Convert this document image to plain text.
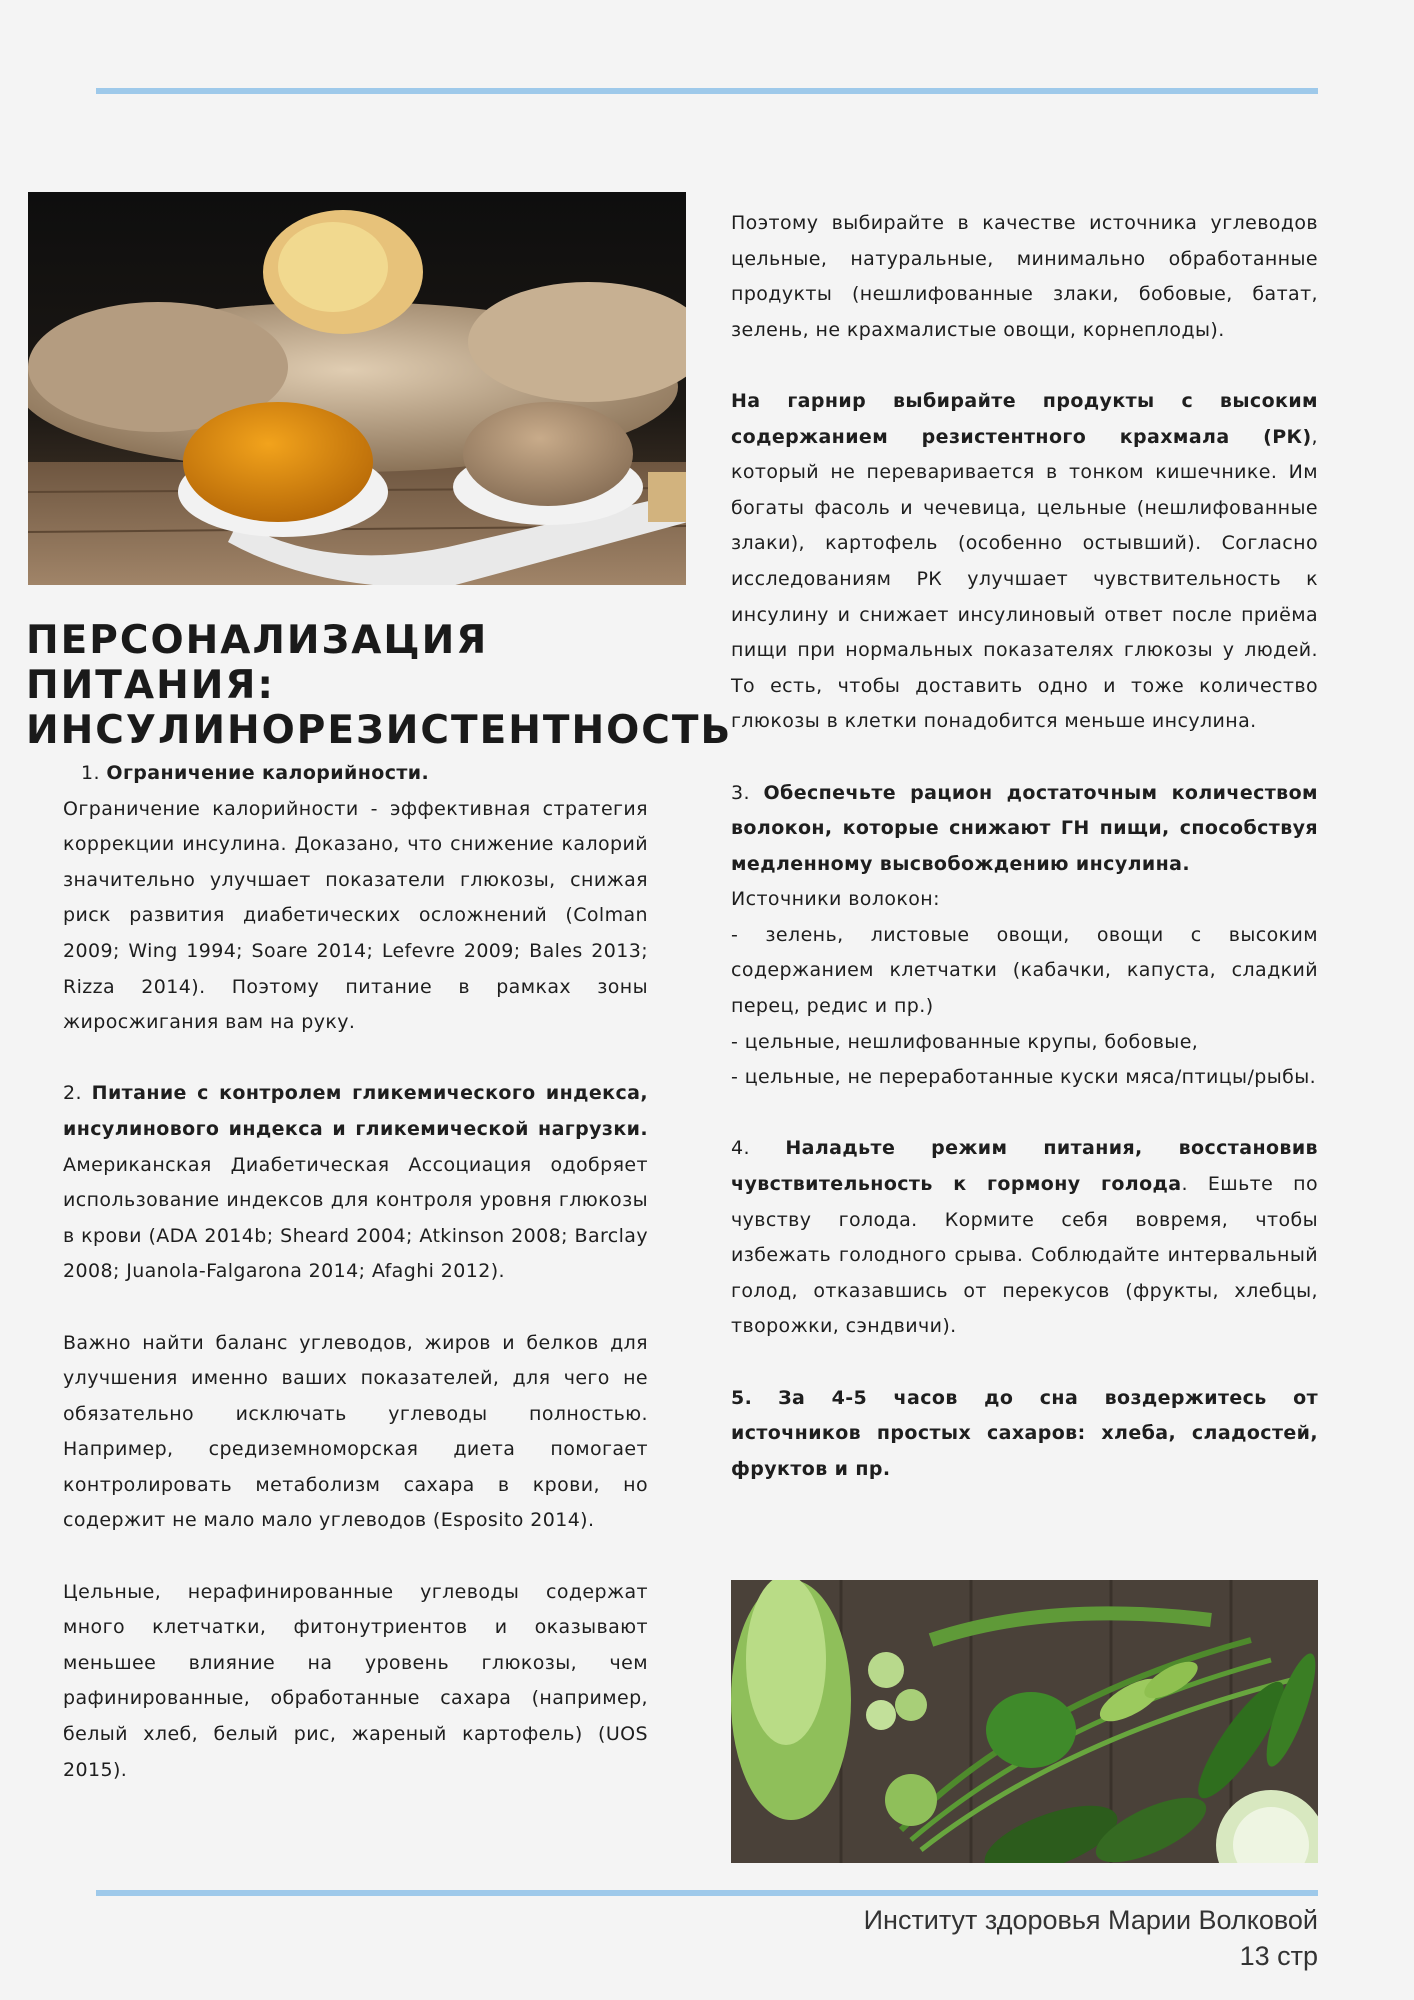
ПЕРСОНАЛИЗАЦИЯ ПИТАНИЯ:
ИНСУЛИНОРЕЗИСТЕНТНОСТЬ

1. Ограничение калорийности.

Ограничение калорийности - эффективная стратегия коррекции инсулина. Доказано, что снижение калорий значительно улучшает показатели глюкозы, снижая риск развития диабетических осложнений (Colman 2009; Wing 1994; Soare 2014; Lefevre 2009; Bales 2013; Rizza 2014). Поэтому питание в рамках зоны жиросжигания вам на руку.

2. Питание с контролем гликемического индекса, инсулинового индекса и гликемической нагрузки. Американская Диабетическая Ассоциация одобряет использование индексов для контроля уровня глюкозы в крови (ADA 2014b; Sheard 2004; Atkinson 2008; Barclay 2008; Juanola-Falgarona 2014; Afaghi 2012).

Важно найти баланс углеводов, жиров и белков для улучшения именно ваших показателей, для чего не обязательно исключать углеводы полностью. Например, средиземноморская диета помогает контролировать метаболизм сахара в крови, но содержит не мало мало углеводов (Esposito 2014).

Цельные, нерафинированные углеводы содержат много клетчатки, фитонутриентов и оказывают меньшее влияние на уровень глюкозы, чем рафинированные, обработанные сахара (например, белый хлеб, белый рис, жареный картофель) (UOS 2015).

Поэтому выбирайте в качестве источника углеводов цельные, натуральные, минимально обработанные продукты (нешлифованные злаки, бобовые, батат, зелень, не крахмалистые овощи, корнеплоды).

На гарнир выбирайте продукты с высоким содержанием резистентного крахмала (РК), который не переваривается в тонком кишечнике. Им богаты фасоль и чечевица, цельные (нешлифованные злаки), картофель (особенно остывший). Согласно исследованиям РК улучшает чувствительность к инсулину и снижает инсулиновый ответ после приёма пищи при нормальных показателях глюкозы у людей. То есть, чтобы доставить одно и тоже количество глюкозы в клетки понадобится меньше инсулина.

3. Обеспечьте рацион достаточным количеством волокон, которые снижают ГН пищи, способствуя медленному высвобождению инсулина.

Источники волокон:

- зелень, листовые овощи, овощи с высоким содержанием клетчатки (кабачки, капуста, сладкий перец, редис и пр.)

- цельные, нешлифованные крупы, бобовые,

- цельные, не переработанные куски мяса/птицы/рыбы.

4. Наладьте режим питания, восстановив чувствительность к гормону голода. Ешьте по чувству голода. Кормите себя вовремя, чтобы избежать голодного срыва. Соблюдайте интервальный голод, отказавшись от перекусов (фрукты, хлебцы, творожки, сэндвичи).

5. За 4-5 часов до сна воздержитесь от источников простых сахаров: хлеба, сладостей, фруктов и пр.

Институт здоровья Марии Волковой
13 стр
